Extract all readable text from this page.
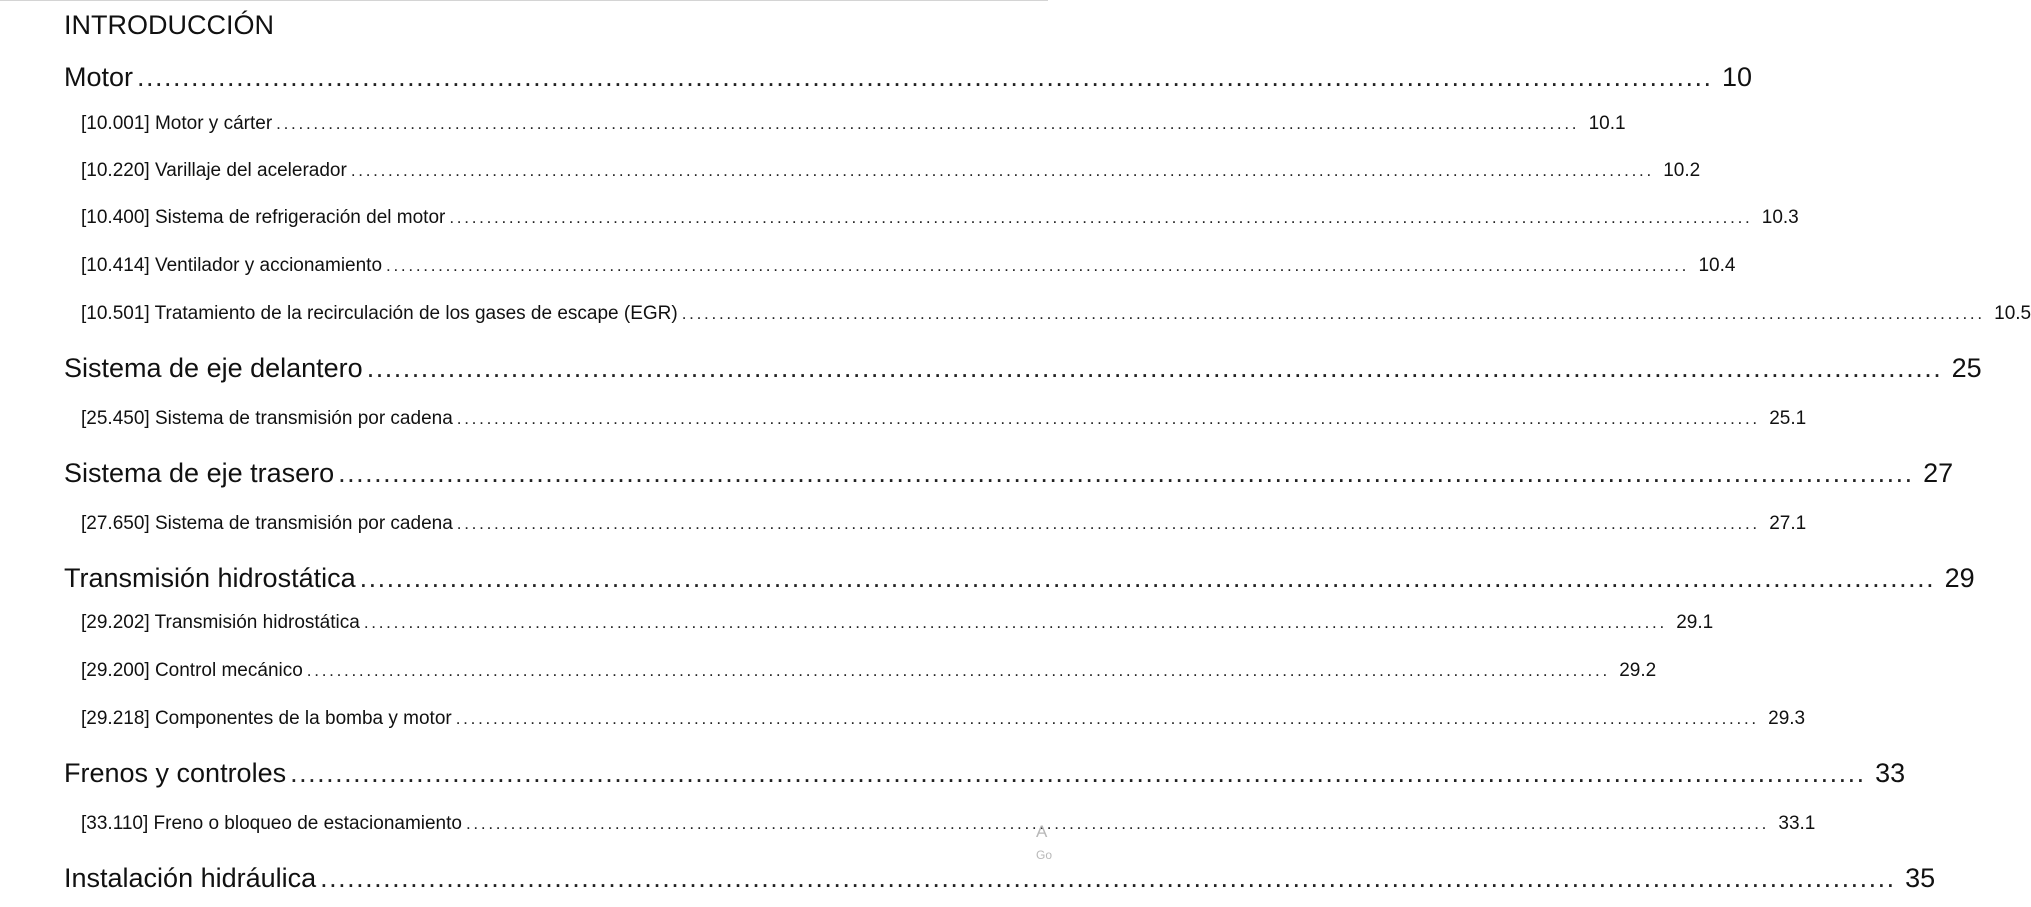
INTRODUCCIÓN
Motor . . .	10
[10.001] Motor y cárter . . .	10.1
[10.220] Varillaje del acelerador . . .	10.2
[10.400] Sistema de refrigeración del motor . . .	10.3
[10.414] Ventilador y accionamiento . . .	10.4
[10.501] Tratamiento de la recirculación de los gases de escape (EGR) . . .	10.5
Sistema de eje delantero . . .	25
[25.450] Sistema de transmisión por cadena . . .	25.1
Sistema de eje trasero . . .	27
[27.650] Sistema de transmisión por cadena . . .	27.1
Transmisión hidrostática . . .	29
[29.202] Transmisión hidrostática . . .	29.1
[29.200] Control mecánico . . .	29.2
[29.218] Componentes de la bomba y motor . . .	29.3
Frenos y controles . . .	33
[33.110] Freno o bloqueo de estacionamiento . . .	33.1
Instalación hidráulica . . .	35
A
Go
